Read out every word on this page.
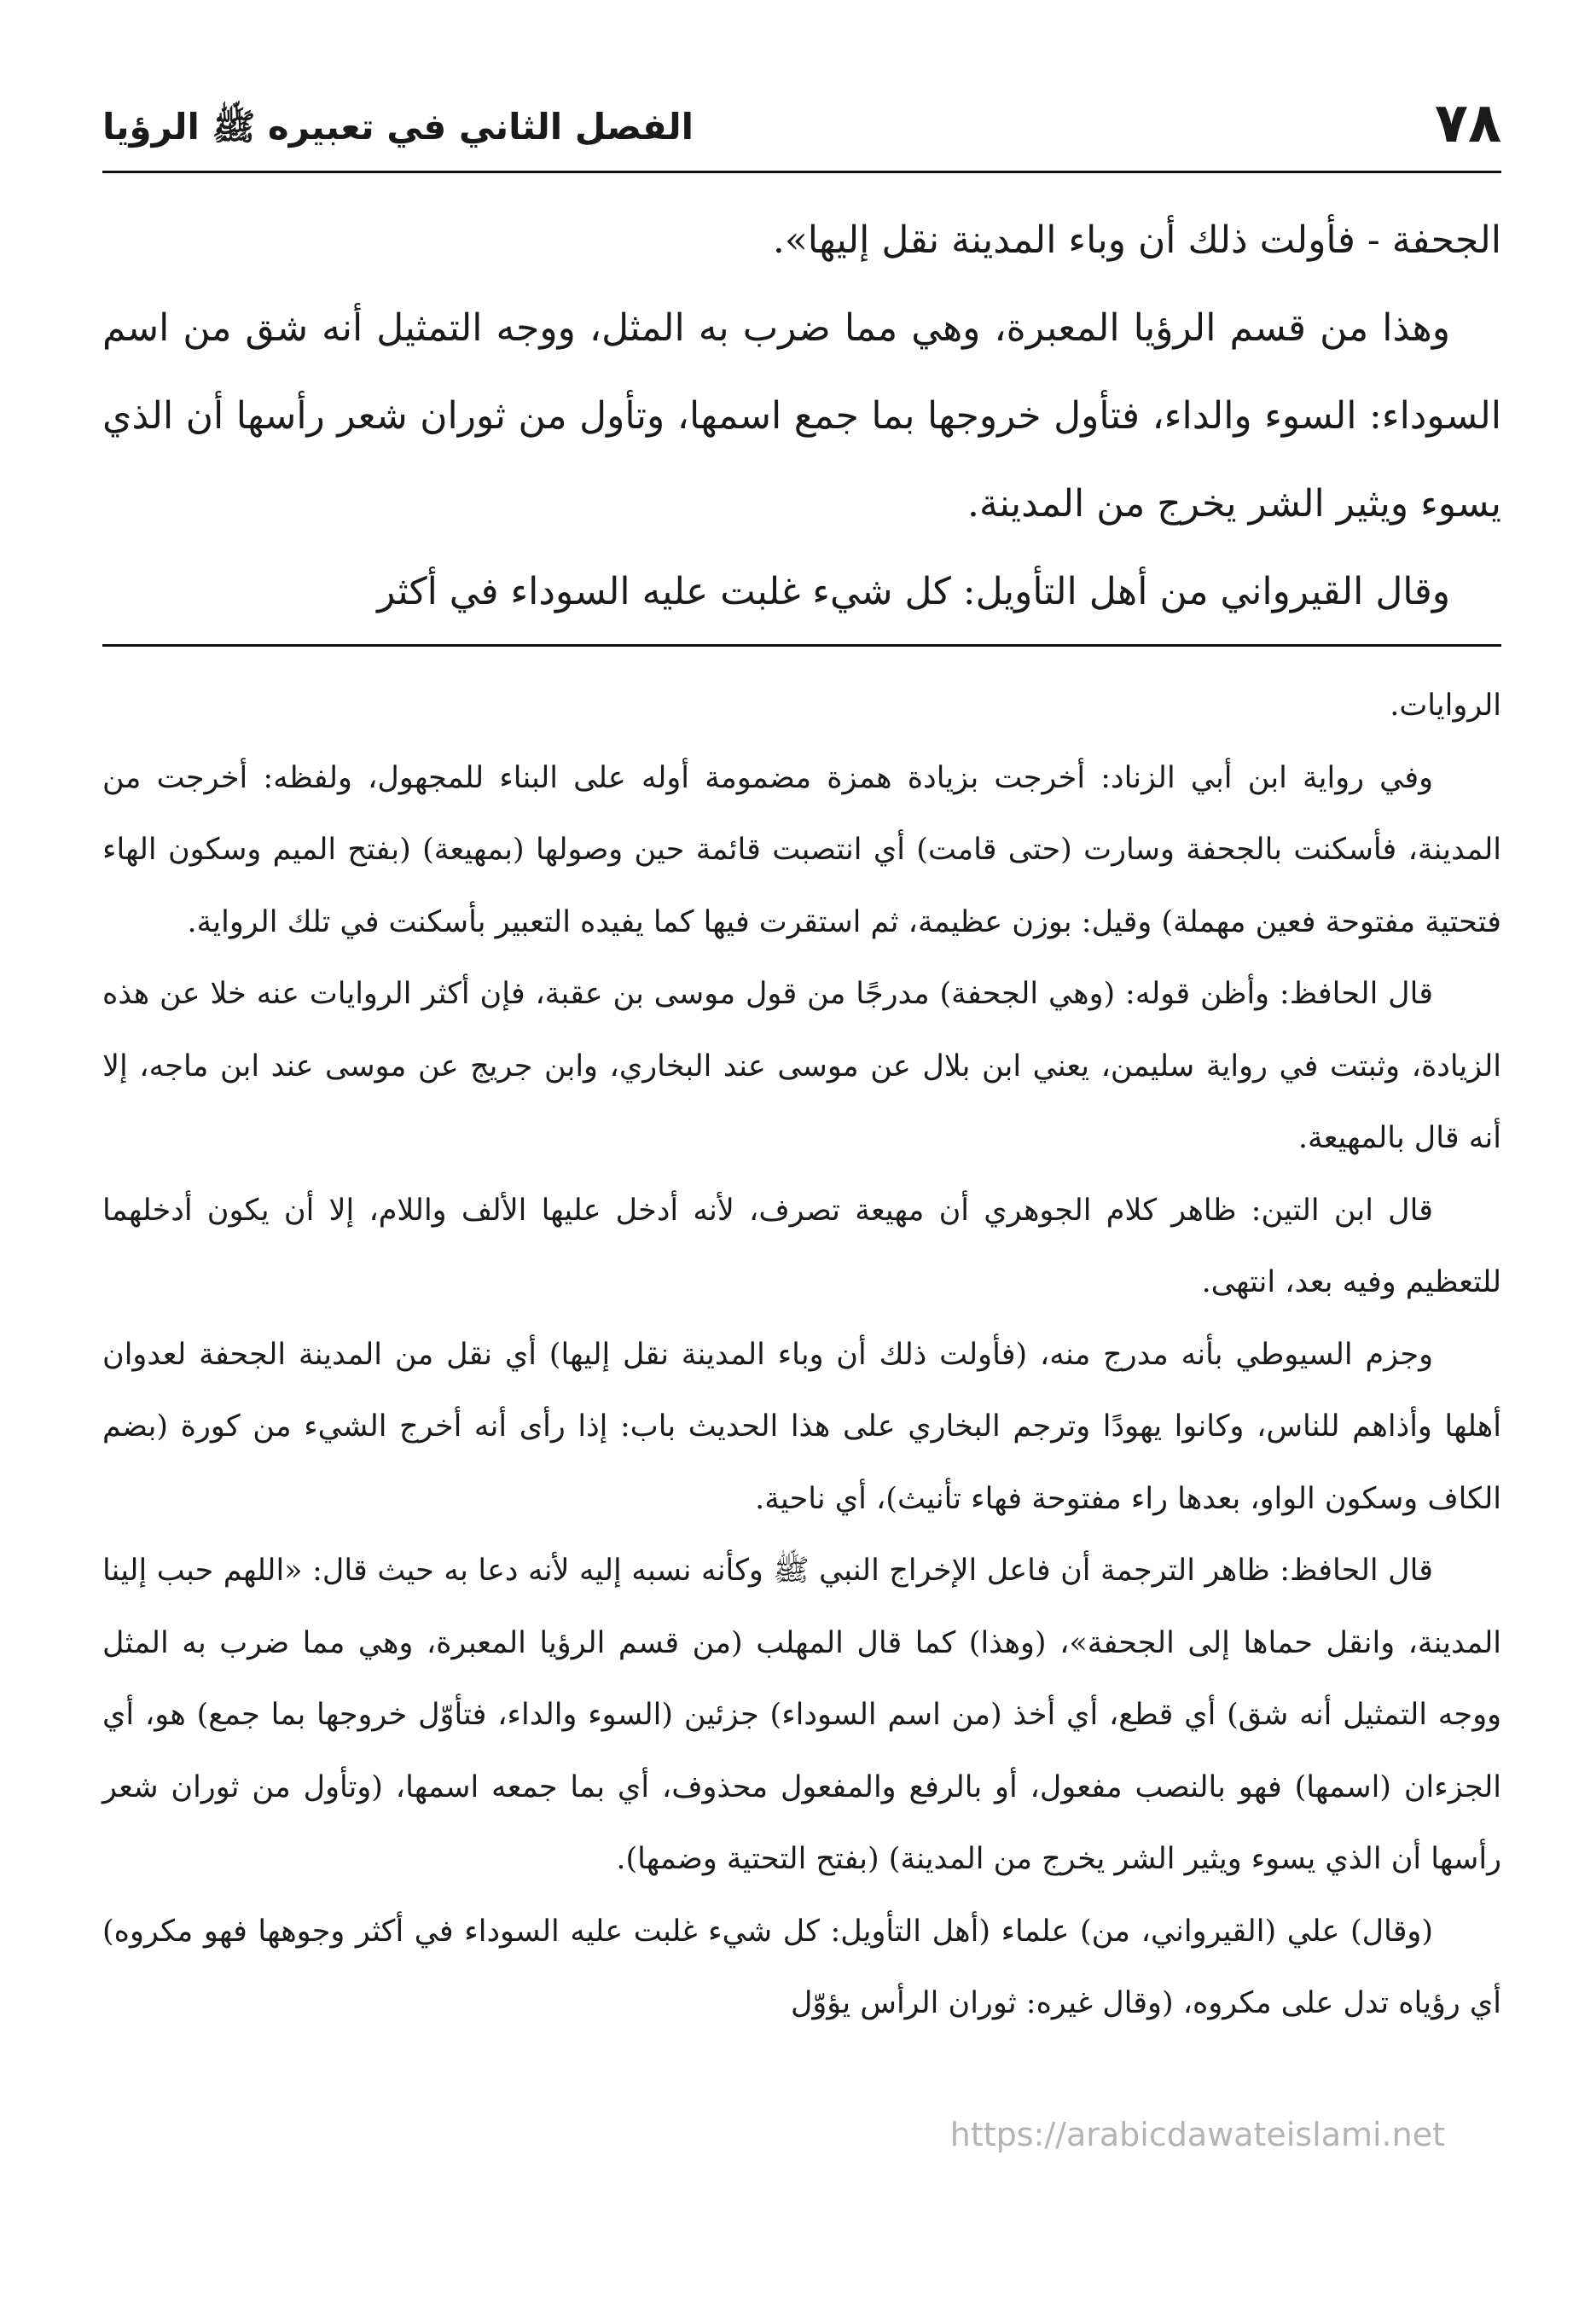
٧٨
الفصل الثاني في تعبيره ﷺ الرؤيا

الجحفة - فأولت ذلك أن وباء المدينة نقل إليها».

وهذا من قسم الرؤيا المعبرة، وهي مما ضرب به المثل، ووجه التمثيل أنه شق من اسم السوداء: السوء والداء، فتأول خروجها بما جمع اسمها، وتأول من ثوران شعر رأسها أن الذي يسوء ويثير الشر يخرج من المدينة.

وقال القيرواني من أهل التأويل: كل شيء غلبت عليه السوداء في أكثر

الروايات.

وفي رواية ابن أبي الزناد: أخرجت بزيادة همزة مضمومة أوله على البناء للمجهول، ولفظه: أخرجت من المدينة، فأسكنت بالجحفة وسارت (حتى قامت) أي انتصبت قائمة حين وصولها (بمهيعة) (بفتح الميم وسكون الهاء فتحتية مفتوحة فعين مهملة) وقيل: بوزن عظيمة، ثم استقرت فيها كما يفيده التعبير بأسكنت في تلك الرواية.

قال الحافظ: وأظن قوله: (وهي الجحفة) مدرجًا من قول موسى بن عقبة، فإن أكثر الروايات عنه خلا عن هذه الزيادة، وثبتت في رواية سليمن، يعني ابن بلال عن موسى عند البخاري، وابن جريج عن موسى عند ابن ماجه، إلا أنه قال بالمهيعة.

قال ابن التين: ظاهر كلام الجوهري أن مهيعة تصرف، لأنه أدخل عليها الألف واللام، إلا أن يكون أدخلهما للتعظيم وفيه بعد، انتهى.

وجزم السيوطي بأنه مدرج منه، (فأولت ذلك أن وباء المدينة نقل إليها) أي نقل من المدينة الجحفة لعدوان أهلها وأذاهم للناس، وكانوا يهودًا وترجم البخاري على هذا الحديث باب: إذا رأى أنه أخرج الشيء من كورة (بضم الكاف وسكون الواو، بعدها راء مفتوحة فهاء تأنيث)، أي ناحية.

قال الحافظ: ظاهر الترجمة أن فاعل الإخراج النبي ﷺ وكأنه نسبه إليه لأنه دعا به حيث قال: «اللهم حبب إلينا المدينة، وانقل حماها إلى الجحفة»، (وهذا) كما قال المهلب (من قسم الرؤيا المعبرة، وهي مما ضرب به المثل ووجه التمثيل أنه شق) أي قطع، أي أخذ (من اسم السوداء) جزئين (السوء والداء، فتأوّل خروجها بما جمع) هو، أي الجزءان (اسمها) فهو بالنصب مفعول، أو بالرفع والمفعول محذوف، أي بما جمعه اسمها، (وتأول من ثوران شعر رأسها أن الذي يسوء ويثير الشر يخرج من المدينة) (بفتح التحتية وضمها).

(وقال) علي (القيرواني، من) علماء (أهل التأويل: كل شيء غلبت عليه السوداء في أكثر وجوهها فهو مكروه) أي رؤياه تدل على مكروه، (وقال غيره: ثوران الرأس يؤوّل

https://arabicdawateislami.net
